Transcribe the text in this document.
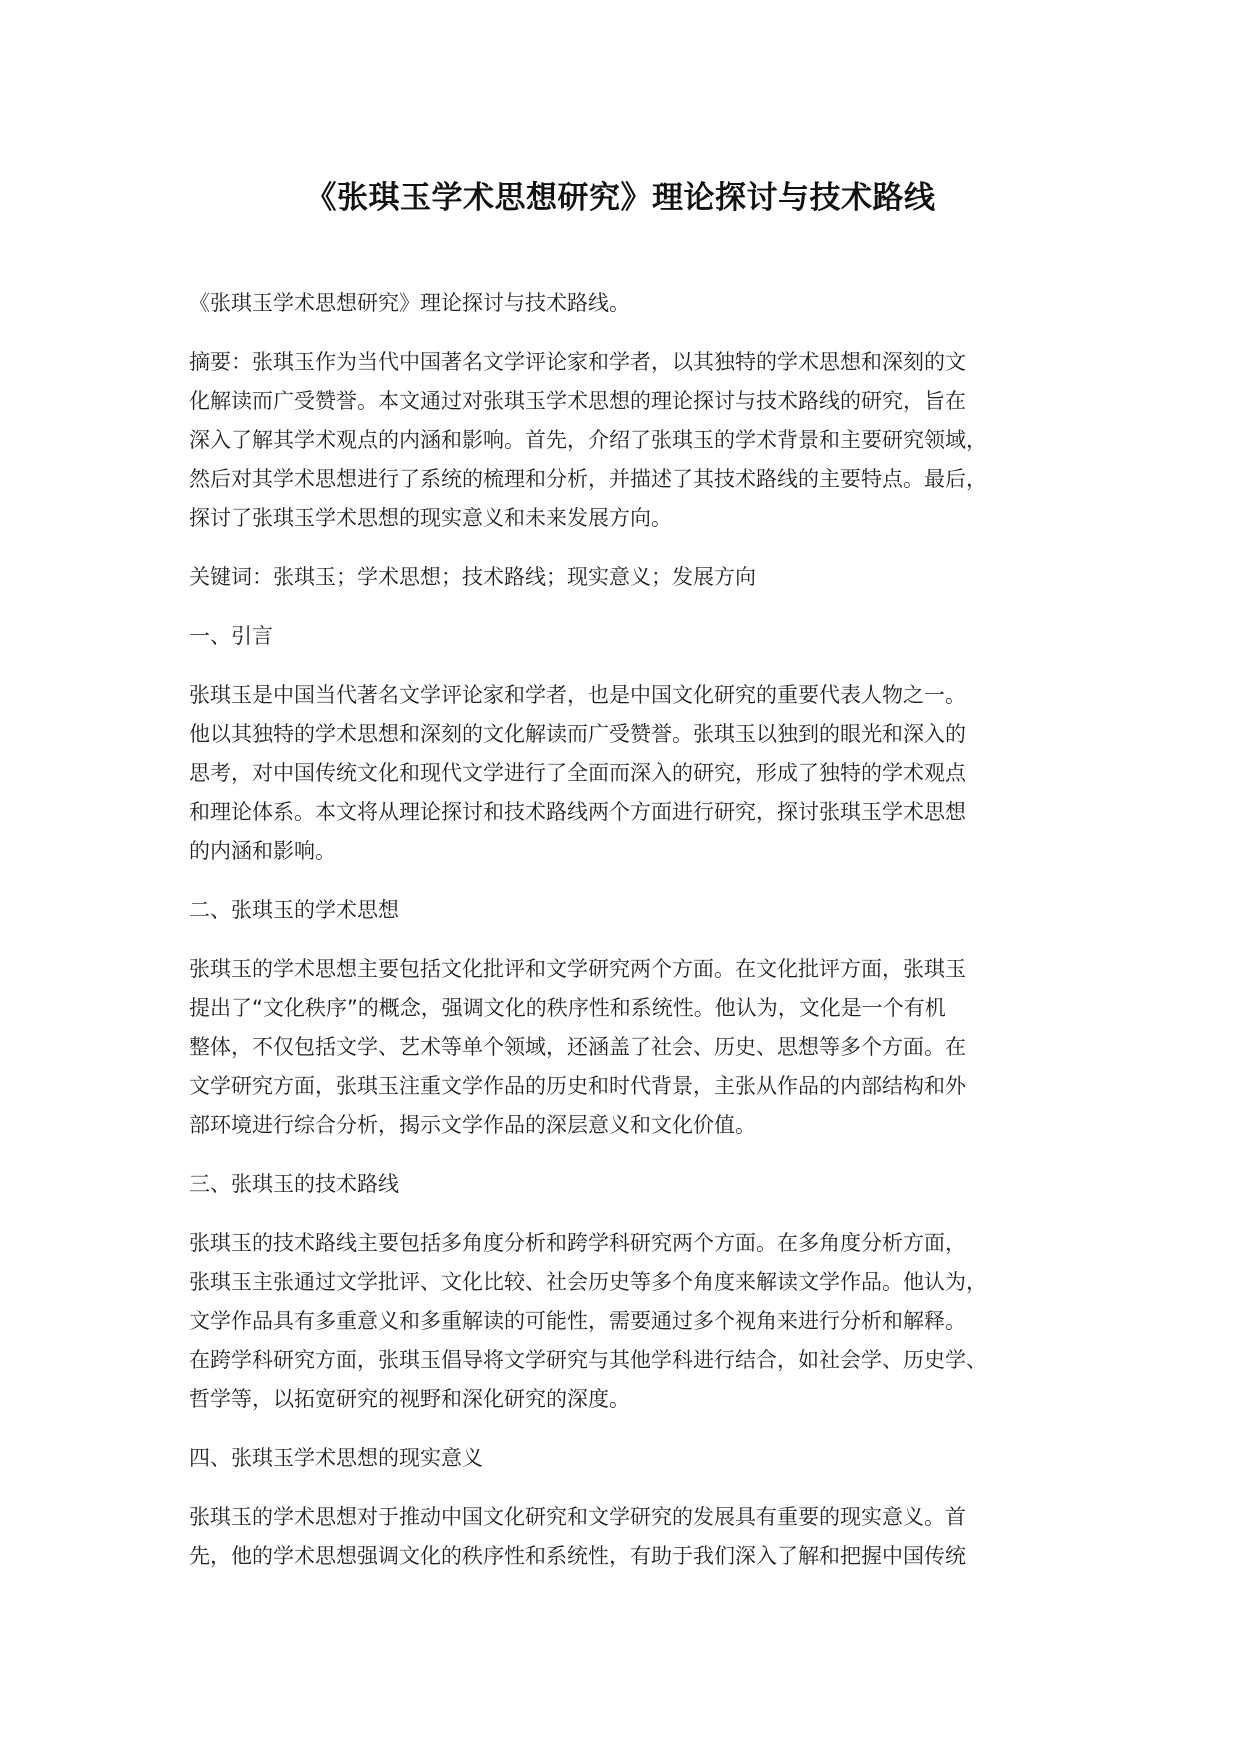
《张琪玉学术思想研究》理论探讨与技术路线
《张琪玉学术思想研究》理论探讨与技术路线。
摘要：张琪玉作为当代中国著名文学评论家和学者，以其独特的学术思想和深刻的文
化解读而广受赞誉。本文通过对张琪玉学术思想的理论探讨与技术路线的研究，旨在
深入了解其学术观点的内涵和影响。首先，介绍了张琪玉的学术背景和主要研究领域，
然后对其学术思想进行了系统的梳理和分析，并描述了其技术路线的主要特点。最后，
探讨了张琪玉学术思想的现实意义和未来发展方向。
关键词：张琪玉；学术思想；技术路线；现实意义；发展方向
一、引言
张琪玉是中国当代著名文学评论家和学者，也是中国文化研究的重要代表人物之一。
他以其独特的学术思想和深刻的文化解读而广受赞誉。张琪玉以独到的眼光和深入的
思考，对中国传统文化和现代文学进行了全面而深入的研究，形成了独特的学术观点
和理论体系。本文将从理论探讨和技术路线两个方面进行研究，探讨张琪玉学术思想
的内涵和影响。
二、张琪玉的学术思想
张琪玉的学术思想主要包括文化批评和文学研究两个方面。在文化批评方面，张琪玉
提出了“文化秩序”的概念，强调文化的秩序性和系统性。他认为，文化是一个有机
整体，不仅包括文学、艺术等单个领域，还涵盖了社会、历史、思想等多个方面。在
文学研究方面，张琪玉注重文学作品的历史和时代背景，主张从作品的内部结构和外
部环境进行综合分析，揭示文学作品的深层意义和文化价值。
三、张琪玉的技术路线
张琪玉的技术路线主要包括多角度分析和跨学科研究两个方面。在多角度分析方面，
张琪玉主张通过文学批评、文化比较、社会历史等多个角度来解读文学作品。他认为，
文学作品具有多重意义和多重解读的可能性，需要通过多个视角来进行分析和解释。
在跨学科研究方面，张琪玉倡导将文学研究与其他学科进行结合，如社会学、历史学、
哲学等，以拓宽研究的视野和深化研究的深度。
四、张琪玉学术思想的现实意义
张琪玉的学术思想对于推动中国文化研究和文学研究的发展具有重要的现实意义。首
先，他的学术思想强调文化的秩序性和系统性，有助于我们深入了解和把握中国传统
